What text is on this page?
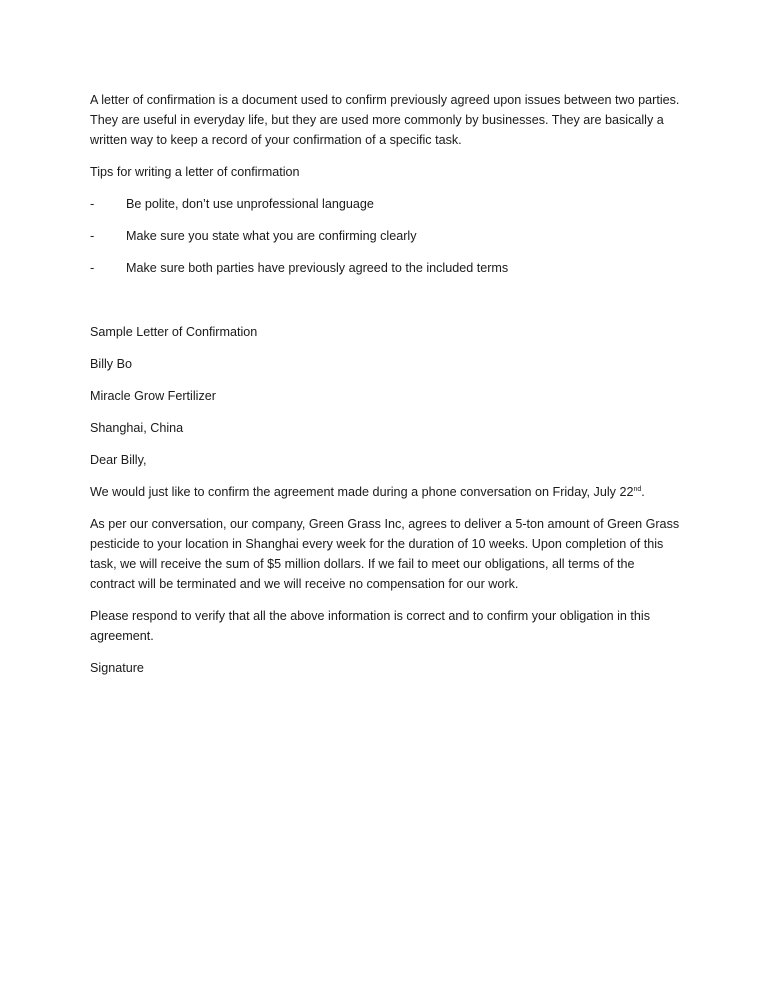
A letter of confirmation is a document used to confirm previously agreed upon issues between two parties. They are useful in everyday life, but they are used more commonly by businesses. They are basically a written way to keep a record of your confirmation of a specific task.

Tips for writing a letter of confirmation

-	Be polite, don’t use unprofessional language
-	Make sure you state what you are confirming clearly
-	Make sure both parties have previously agreed to the included terms

Sample Letter of Confirmation

Billy Bo

Miracle Grow Fertilizer

Shanghai, China

Dear Billy,

We would just like to confirm the agreement made during a phone conversation on Friday, July 22nd.

As per our conversation, our company, Green Grass Inc, agrees to deliver a 5-ton amount of Green Grass pesticide to your location in Shanghai every week for the duration of 10 weeks. Upon completion of this task, we will receive the sum of $5 million dollars. If we fail to meet our obligations, all terms of the contract will be terminated and we will receive no compensation for our work.

Please respond to verify that all the above information is correct and to confirm your obligation in this agreement.

Signature
